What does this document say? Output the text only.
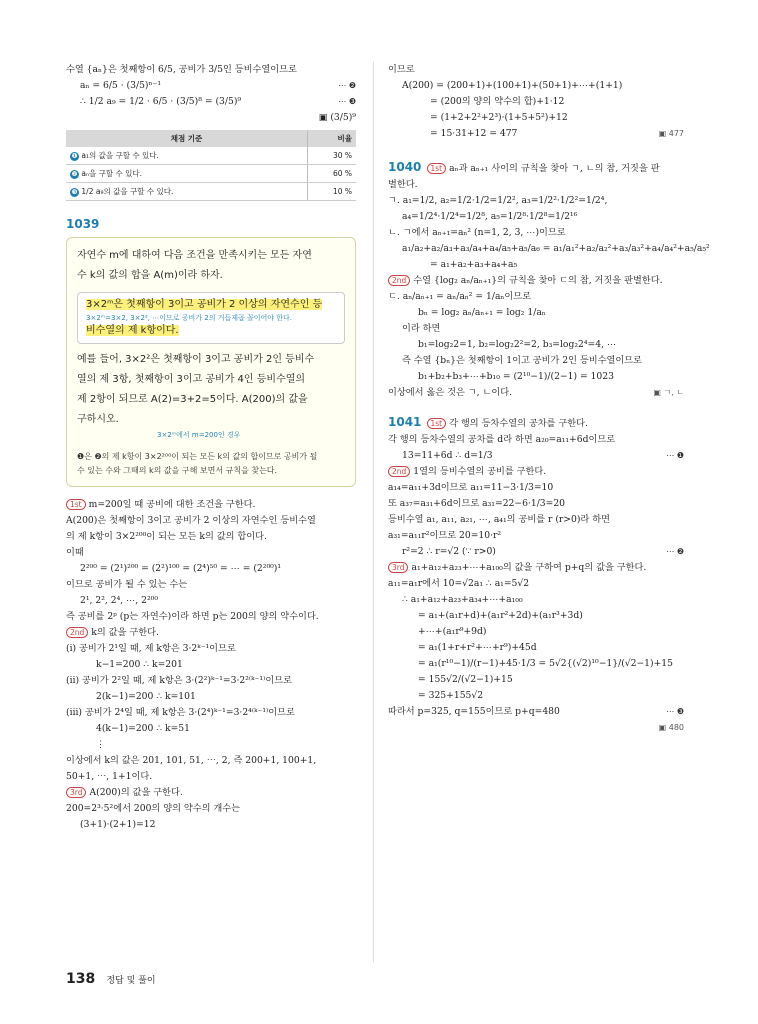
수열 {aₙ}은 첫째항이 6/5, 공비가 3/5인 등비수열이므로
aₙ = 6/5 · (3/5)ⁿ⁻¹	⋯ ❷
∴ 1/2 a₉ = 1/2 · 6/5 · (3/5)⁸ = (3/5)⁹	⋯ ❸
▣ (3/5)⁹
채점 기준	비율
❶ a₁의 값을 구할 수 있다.	30 %
❷ aₙ을 구할 수 있다.	60 %
❸ 1/2 a₉의 값을 구할 수 있다.	10 %
1039
자연수 m에 대하여 다음 조건을 만족시키는 모든 자연
수 k의 값의 합을 A(m)이라 하자.
3×2ᵐ은 첫째항이 3이고 공비가 2 이상의 자연수인 등
3×2ᵐ=3×2, 3×2², ⋯이므로 공비가 2의 거듭제곱 꼴이어야 한다.
비수열의 제 k항이다.
예를 들어, 3×2²은 첫째항이 3이고 공비가 2인 등비수
열의 제 3항, 첫째항이 3이고 공비가 4인 등비수열의
제 2항이 되므로 A(2)=3+2=5이다. A(200)의 값을
구하시오.
3×2ᵐ에서 m=200인 경우
❶은 ❷의 제 k항이 3×2²⁰⁰이 되는 모든 k의 값의 합이므로 공비가 될
수 있는 수와 그때의 k의 값을 구해 보면서 규칙을 찾는다.
1st m=200일 때 공비에 대한 조건을 구한다.
A(200)은 첫째항이 3이고 공비가 2 이상의 자연수인 등비수열
의 제 k항이 3×2²⁰⁰이 되는 모든 k의 값의 합이다.
이때
2²⁰⁰ = (2¹)²⁰⁰ = (2²)¹⁰⁰ = (2⁴)⁵⁰ = ⋯ = (2²⁰⁰)¹
이므로 공비가 될 수 있는 수는
2¹, 2², 2⁴, ⋯, 2²⁰⁰
즉 공비를 2ᵖ (p는 자연수)이라 하면 p는 200의 양의 약수이다.
2nd k의 값을 구한다.
(ⅰ) 공비가 2¹일 때, 제 k항은 3·2ᵏ⁻¹이므로
k−1=200 ∴ k=201
(ⅱ) 공비가 2²일 때, 제 k항은 3·(2²)ᵏ⁻¹=3·2²⁽ᵏ⁻¹⁾이므로
2(k−1)=200 ∴ k=101
(ⅲ) 공비가 2⁴일 때, 제 k항은 3·(2⁴)ᵏ⁻¹=3·2⁴⁽ᵏ⁻¹⁾이므로
4(k−1)=200 ∴ k=51
⋮
이상에서 k의 값은 201, 101, 51, ⋯, 2, 즉 200+1, 100+1,
50+1, ⋯, 1+1이다.
3rd A(200)의 값을 구한다.
200=2³·5²에서 200의 양의 약수의 개수는
(3+1)·(2+1)=12
이므로
A(200) = (200+1)+(100+1)+(50+1)+⋯+(1+1)
= (200의 양의 약수의 합)+1·12
= (1+2+2²+2³)·(1+5+5²)+12
= 15·31+12 = 477	▣ 477
1040 1st aₙ과 aₙ₊₁ 사이의 규칙을 찾아 ㄱ, ㄴ의 참, 거짓을 판
별한다.
ㄱ. a₁=1/2, a₂=1/2·1/2=1/2², a₃=1/2²·1/2²=1/2⁴,
a₄=1/2⁴·1/2⁴=1/2⁸, a₅=1/2⁸·1/2⁸=1/2¹⁶
ㄴ. ㄱ에서 aₙ₊₁=aₙ² (n=1, 2, 3, ⋯)이므로
a₁/a₂+a₂/a₃+a₃/a₄+a₄/a₅+a₅/a₆ = a₁/a₁²+a₂/a₂²+a₃/a₃²+a₄/a₄²+a₅/a₅²
= a₁+a₂+a₃+a₄+a₅
2nd 수열 {log₂ aₙ/aₙ₊₁}의 규칙을 찾아 ㄷ의 참, 거짓을 판별한다.
ㄷ. aₙ/aₙ₊₁ = aₙ/aₙ² = 1/aₙ이므로
bₙ = log₂ aₙ/aₙ₊₁ = log₂ 1/aₙ
이라 하면
b₁=log₂2=1, b₂=log₂2²=2, b₃=log₂2⁴=4, ⋯
즉 수열 {bₙ}은 첫째항이 1이고 공비가 2인 등비수열이므로
b₁+b₂+b₃+⋯+b₁₀ = (2¹⁰−1)/(2−1) = 1023
이상에서 옳은 것은 ㄱ, ㄴ이다.	▣ ㄱ, ㄴ
1041 1st 각 행의 등차수열의 공차를 구한다.
각 행의 등차수열의 공차를 d라 하면 a₂₀=a₁₁+6d이므로
13=11+6d ∴ d=1/3	⋯ ❶
2nd 1열의 등비수열의 공비를 구한다.
a₁₄=a₁₁+3d이므로 a₁₁=11−3·1/3=10
또 a₃₇=a₃₁+6d이므로 a₃₁=22−6·1/3=20
등비수열 a₁, a₁₁, a₂₁, ⋯, a₄₁의 공비를 r (r>0)라 하면
a₃₁=a₁₁r²이므로 20=10·r²
r²=2 ∴ r=√2 (∵ r>0)	⋯ ❷
3rd a₁+a₁₂+a₂₃+⋯+a₁₀₀의 값을 구하여 p+q의 값을 구한다.
a₁₁=a₁r에서 10=√2a₁ ∴ a₁=5√2
∴ a₁+a₁₂+a₂₃+a₃₄+⋯+a₁₀₀
= a₁+(a₁r+d)+(a₁r²+2d)+(a₁r³+3d)
+⋯+(a₁r⁹+9d)
= a₁(1+r+r²+⋯+r⁹)+45d
= a₁(r¹⁰−1)/(r−1)+45·1/3 = 5√2{(√2)¹⁰−1}/(√2−1)+15
= 155√2/(√2−1)+15
= 325+155√2
따라서 p=325, q=155이므로 p+q=480	⋯ ❸
▣ 480
138 정답 및 풀이
